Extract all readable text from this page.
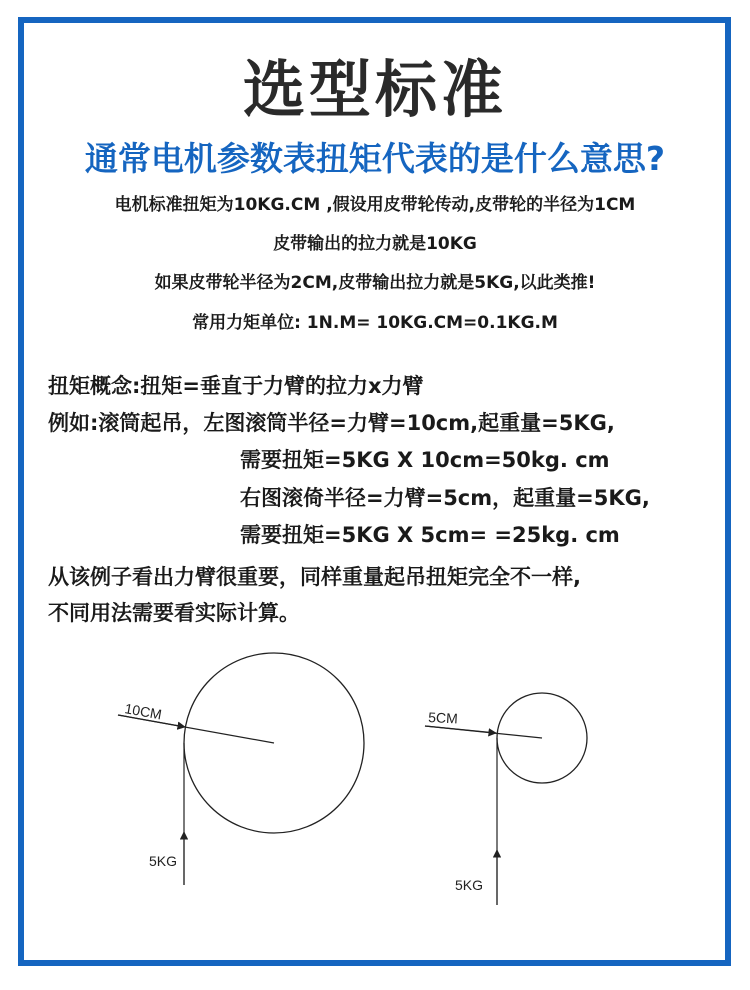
选型标准
通常电机参数表扭矩代表的是什么意思?
电机标准扭矩为10KG.CM ,假设用皮带轮传动,皮带轮的半径为1CM
皮带输出的拉力就是10KG
如果皮带轮半径为2CM,皮带输出拉力就是5KG,以此类推!
常用力矩单位: 1N.M= 10KG.CM=0.1KG.M
扭矩概念:扭矩=垂直于力臂的拉力x力臂
例如:滚筒起吊，左图滚筒半径=力臂=10cm,起重量=5KG,
需要扭矩=5KG X 10cm=50kg. cm
右图滚倚半径=力臂=5cm，起重量=5KG,
需要扭矩=5KG X 5cm= =25kg. cm
从该例子看出力臂很重要，同样重量起吊扭矩完全不一样,
不同用法需要看实际计算。
10CM
5KG
5CM
5KG
